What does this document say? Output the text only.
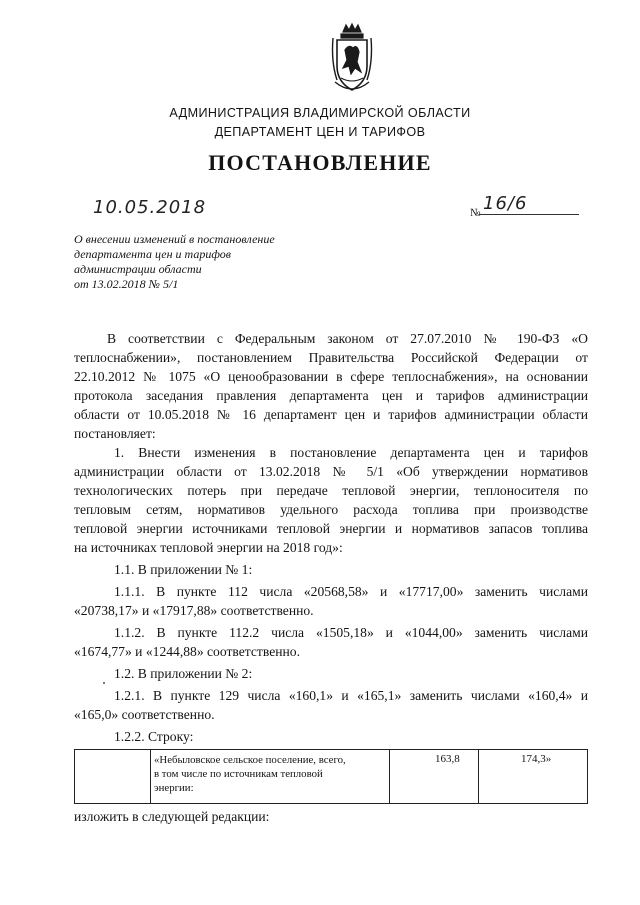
АДМИНИСТРАЦИЯ ВЛАДИМИРСКОЙ ОБЛАСТИ
ДЕПАРТАМЕНТ ЦЕН И ТАРИФОВ
ПОСТАНОВЛЕНИЕ
10.05.2018	№ 16/6
О внесении изменений в постановление
департамента цен и тарифов
администрации области
от 13.02.2018 № 5/1
В соответствии с Федеральным законом от 27.07.2010 № 190-ФЗ «О
теплоснабжении», постановлением Правительства Российской Федерации от
22.10.2012 № 1075 «О ценообразовании в сфере теплоснабжения», на основании
протокола заседания правления департамента цен и тарифов администрации
области от 10.05.2018 № 16 департамент цен и тарифов администрации области
постановляет:
1. Внести изменения в постановление департамента цен и тарифов
администрации области от 13.02.2018 № 5/1 «Об утверждении нормативов
технологических потерь при передаче тепловой энергии, теплоносителя по
тепловым сетям, нормативов удельного расхода топлива при производстве
тепловой энергии источниками тепловой энергии и нормативов запасов топлива
на источниках тепловой энергии на 2018 год»:
1.1. В приложении № 1:
1.1.1. В пункте 112 числа «20568,58» и «17717,00» заменить числами
«20738,17» и «17917,88» соответственно.
1.1.2. В пункте 112.2 числа «1505,18» и «1044,00» заменить числами
«1674,77» и «1244,88» соответственно.
1.2. В приложении № 2:
1.2.1. В пункте 129 числа «160,1» и «165,1» заменить числами «160,4» и
«165,0» соответственно.
1.2.2. Строку:
«Небыловское сельское поселение, всего,
в том числе по источникам тепловой
энергии:
163,8	174,3»
изложить в следующей редакции:
